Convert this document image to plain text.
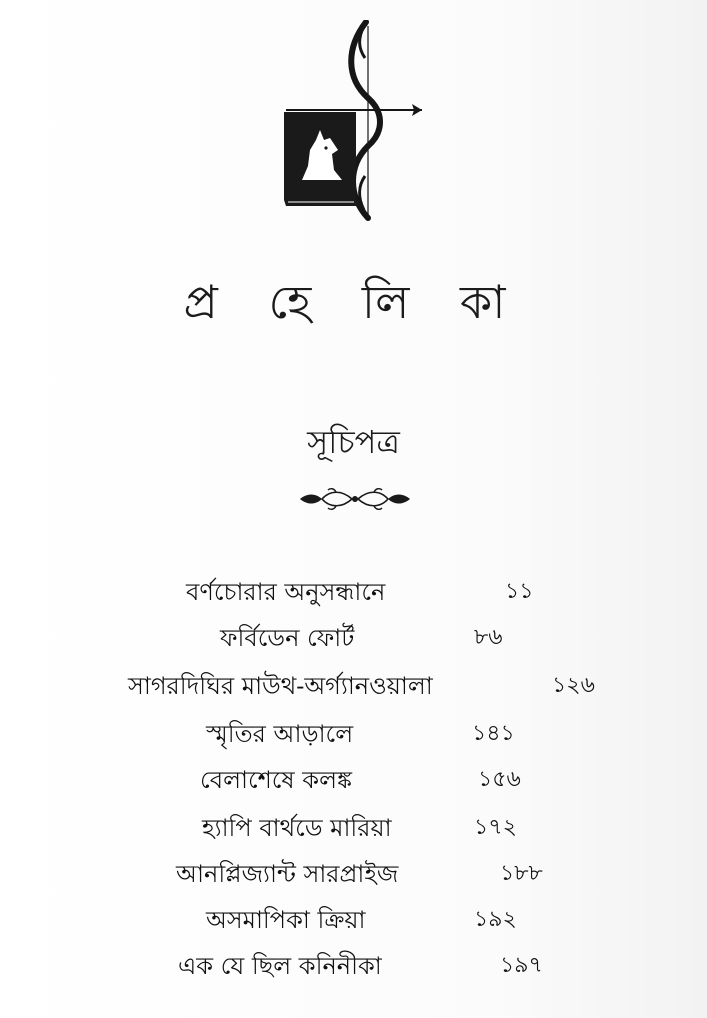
প্র হে লি কা
সূচিপত্র
বর্ণচোরার অনুসন্ধানে	১১
ফর্বিডেন ফোর্ট	৮৬
সাগরদিঘির মাউথ-অর্গ্যানওয়ালা	১২৬
স্মৃতির আড়ালে	১৪১
বেলাশেষে কলঙ্ক	১৫৬
হ্যাপি বার্থডে মারিয়া	১৭২
আনপ্লিজ্যান্ট সারপ্রাইজ	১৮৮
অসমাপিকা ক্রিয়া	১৯২
এক যে ছিল কনিনীকা	১৯৭
